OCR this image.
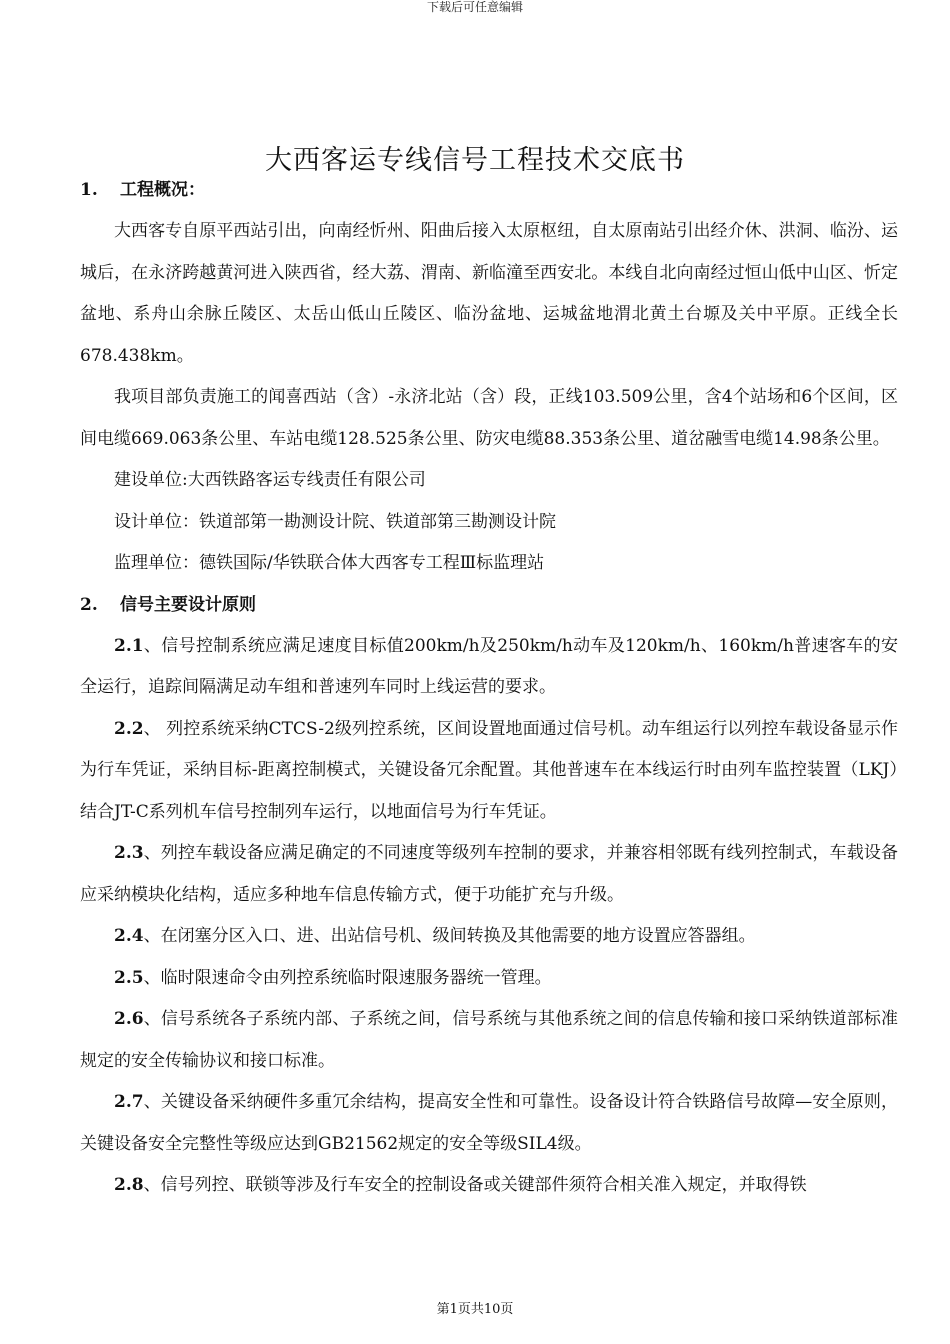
下载后可任意编辑
大西客运专线信号工程技术交底书
1. 工程概况：

大西客专自原平西站引出，向南经忻州、阳曲后接入太原枢纽，自太原南站引出经介休、洪洞、临汾、运城后，在永济跨越黄河进入陕西省，经大荔、渭南、新临潼至西安北。本线自北向南经过恒山低中山区、忻定盆地、系舟山余脉丘陵区、太岳山低山丘陵区、临汾盆地、运城盆地渭北黄土台塬及关中平原。正线全长678.438km。

我项目部负责施工的闻喜西站（含）-永济北站（含）段，正线103.509公里，含4个站场和6个区间，区间电缆669.063条公里、车站电缆128.525条公里、防灾电缆88.353条公里、道岔融雪电缆14.98条公里。

建设单位:大西铁路客运专线责任有限公司

设计单位：铁道部第一勘测设计院、铁道部第三勘测设计院

监理单位：德铁国际/华铁联合体大西客专工程Ⅲ标监理站

2. 信号主要设计原则

2.1、信号控制系统应满足速度目标值200km/h及250km/h动车及120km/h、160km/h普速客车的安全运行，追踪间隔满足动车组和普速列车同时上线运营的要求。

2.2、 列控系统采纳CTCS-2级列控系统，区间设置地面通过信号机。动车组运行以列控车载设备显示作为行车凭证，采纳目标-距离控制模式，关键设备冗余配置。其他普速车在本线运行时由列车监控装置（LKJ）结合JT-C系列机车信号控制列车运行，以地面信号为行车凭证。

2.3、列控车载设备应满足确定的不同速度等级列车控制的要求，并兼容相邻既有线列控制式，车载设备应采纳模块化结构，适应多种地车信息传输方式，便于功能扩充与升级。

2.4、在闭塞分区入口、进、出站信号机、级间转换及其他需要的地方设置应答器组。

2.5、临时限速命令由列控系统临时限速服务器统一管理。

2.6、信号系统各子系统内部、子系统之间，信号系统与其他系统之间的信息传输和接口采纳铁道部标准规定的安全传输协议和接口标准。

2.7、关键设备采纳硬件多重冗余结构，提高安全性和可靠性。设备设计符合铁路信号故障—安全原则，关键设备安全完整性等级应达到GB21562规定的安全等级SIL4级。

2.8、信号列控、联锁等涉及行车安全的控制设备或关键部件须符合相关准入规定，并取得铁

第1页共10页
